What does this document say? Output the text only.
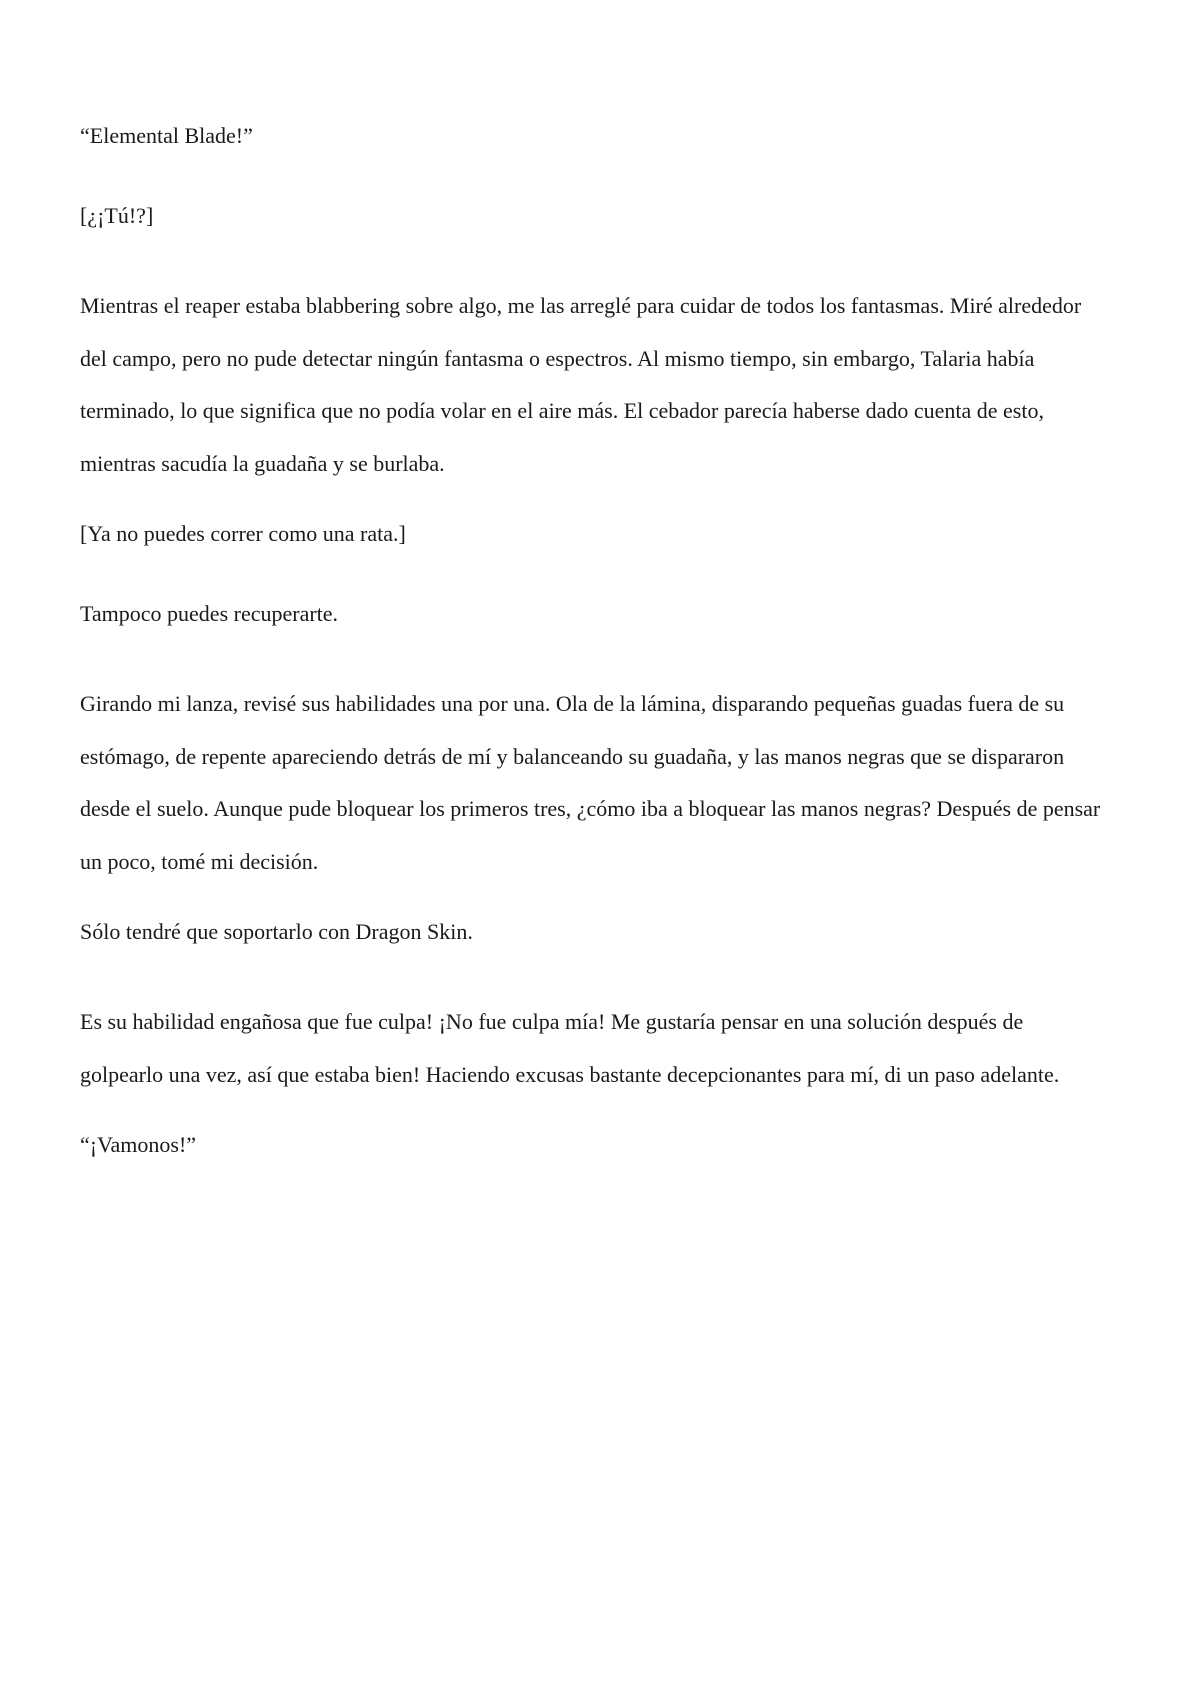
“Elemental Blade!”

[¿¡Tú!?]

Mientras el reaper estaba blabbering sobre algo, me las arreglé para cuidar de todos los fantasmas. Miré alrededor del campo, pero no pude detectar ningún fantasma o espectros. Al mismo tiempo, sin embargo, Talaria había terminado, lo que significa que no podía volar en el aire más. El cebador parecía haberse dado cuenta de esto, mientras sacudía la guadaña y se burlaba.

[Ya no puedes correr como una rata.]

Tampoco puedes recuperarte.

Girando mi lanza, revisé sus habilidades una por una. Ola de la lámina, disparando pequeñas guadas fuera de su estómago, de repente apareciendo detrás de mí y balanceando su guadaña, y las manos negras que se dispararon desde el suelo. Aunque pude bloquear los primeros tres, ¿cómo iba a bloquear las manos negras? Después de pensar un poco, tomé mi decisión.

Sólo tendré que soportarlo con Dragon Skin.

Es su habilidad engañosa que fue culpa! ¡No fue culpa mía! Me gustaría pensar en una solución después de golpearlo una vez, así que estaba bien! Haciendo excusas bastante decepcionantes para mí, di un paso adelante.

“¡Vamonos!”
